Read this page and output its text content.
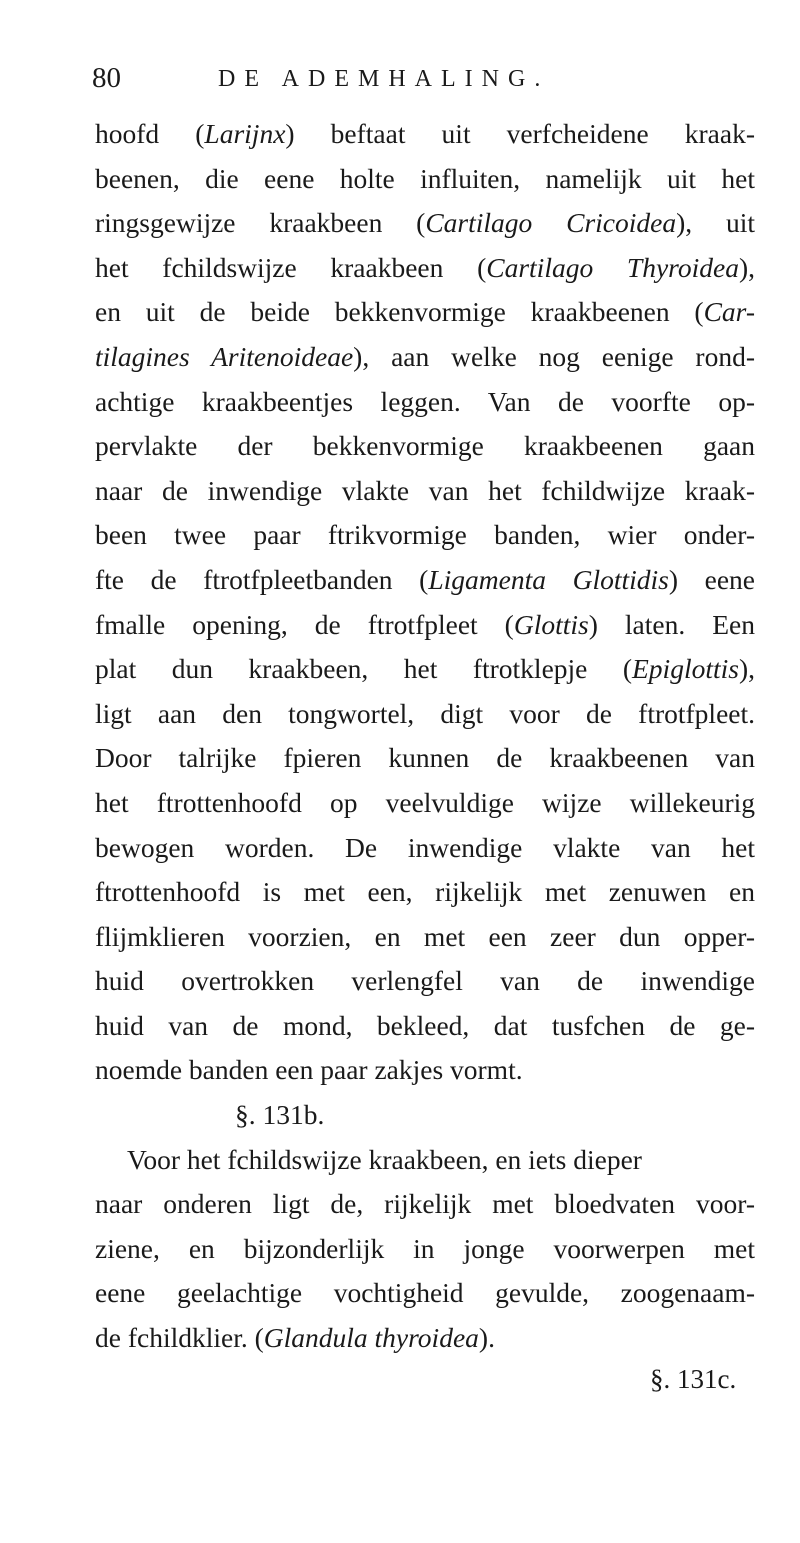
80	DE ADEMHALING.
hoofd (Larijnx) beftaat uit verfcheidene kraak-
beenen, die eene holte influiten, namelijk uit het
ringsgewijze kraakbeen (Cartilago Cricoidea), uit
het fchildswijze kraakbeen (Cartilago Thyroidea),
en uit de beide bekkenvormige kraakbeenen (Car-
tilagines Aritenoideae), aan welke nog eenige rond-
achtige kraakbeentjes leggen. Van de voorfte op-
pervlakte der bekkenvormige kraakbeenen gaan
naar de inwendige vlakte van het fchildwijze kraak-
been twee paar ftrikvormige banden, wier onder-
fte de ftrotfpleetbanden (Ligamenta Glottidis) eene
fmalle opening, de ftrotfpleet (Glottis) laten. Een
plat dun kraakbeen, het ftrotklepje (Epiglottis),
ligt aan den tongwortel, digt voor de ftrotfpleet.
Door talrijke fpieren kunnen de kraakbeenen van
het ftrottenhoofd op veelvuldige wijze willekeurig
bewogen worden. De inwendige vlakte van het
ftrottenhoofd is met een, rijkelijk met zenuwen en
flijmklieren voorzien, en met een zeer dun opper-
huid overtrokken verlengfel van de inwendige
huid van de mond, bekleed, dat tusfchen de ge-
noemde banden een paar zakjes vormt.
§. 131b.
Voor het fchildswijze kraakbeen, en iets dieper
naar onderen ligt de, rijkelijk met bloedvaten voor-
ziene, en bijzonderlijk in jonge voorwerpen met
eene geelachtige vochtigheid gevulde, zoogenaam-
de fchildklier. (Glandula thyroidea).
§. 131c.
